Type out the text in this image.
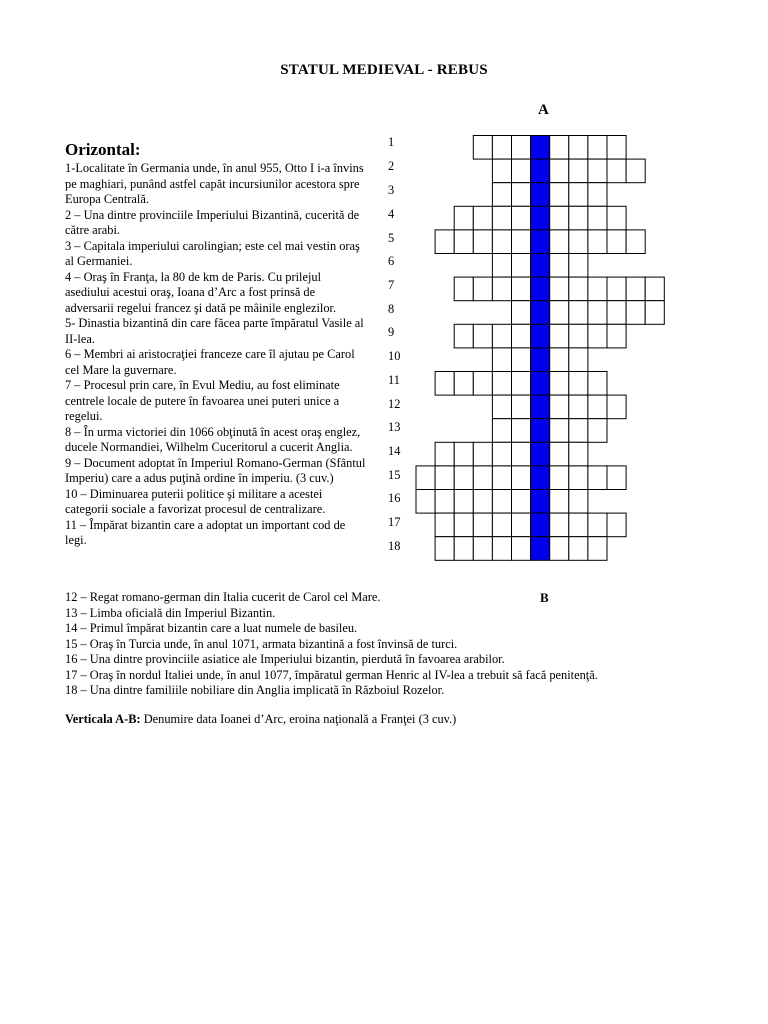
STATUL MEDIEVAL - REBUS
A
B
Orizontal:

1-Localitate în Germania unde, în anul 955, Otto I i-a învins pe maghiari, punând astfel capăt incursiunilor acestora spre Europa Centrală.

2 – Una dintre provinciile Imperiului Bizantină, cucerită de către arabi.

3 – Capitala imperiului carolingian; este cel mai vestin oraş al Germaniei.

4 – Oraş în Franţa, la 80 de km de Paris. Cu prilejul asediului acestui oraş, Ioana d’Arc a fost prinsă de adversarii regelui francez şi dată pe mâinile englezilor.

5- Dinastia bizantină din care făcea parte împăratul Vasile al II-lea.

6 – Membri ai aristocraţiei franceze care îl ajutau pe Carol cel Mare la guvernare.

7 – Procesul prin care, în Evul Mediu, au fost eliminate centrele locale de putere în favoarea unei puteri unice a regelui.

8 – În urma victoriei din 1066 obţinută în acest oraş englez, ducele Normandiei, Wilhelm Cuceritorul a cucerit Anglia.

9 – Document adoptat în Imperiul Romano-German (Sfântul Imperiu) care a adus puţină ordine în imperiu. (3 cuv.)

10 – Diminuarea puterii politice şi militare a acestei categorii sociale a favorizat procesul de centralizare.

11 – Împărat bizantin care a adoptat un important cod de legi.

12 – Regat romano-german din Italia cucerit de Carol cel Mare.

13 – Limba oficială din Imperiul Bizantin.

14 – Primul împărat bizantin care a luat numele de basileu.

15 – Oraş în Turcia unde, în anul 1071, armata bizantină a fost învinsă de turci.

16 – Una dintre provinciile asiatice ale Imperiului bizantin, pierdută în favoarea arabilor.

17 – Oraş în nordul Italiei unde, în anul 1077, împăratul german Henric al IV-lea a trebuit să facă penitenţă.

18 – Una dintre familiile nobiliare din Anglia implicată în Războiul Rozelor.

Verticala A-B: Denumire data Ioanei d’Arc, eroina naţională a Franţei (3 cuv.)
1
2
3
4
5
6
7
8
9
10
11
12
13
14
15
16
17
18
